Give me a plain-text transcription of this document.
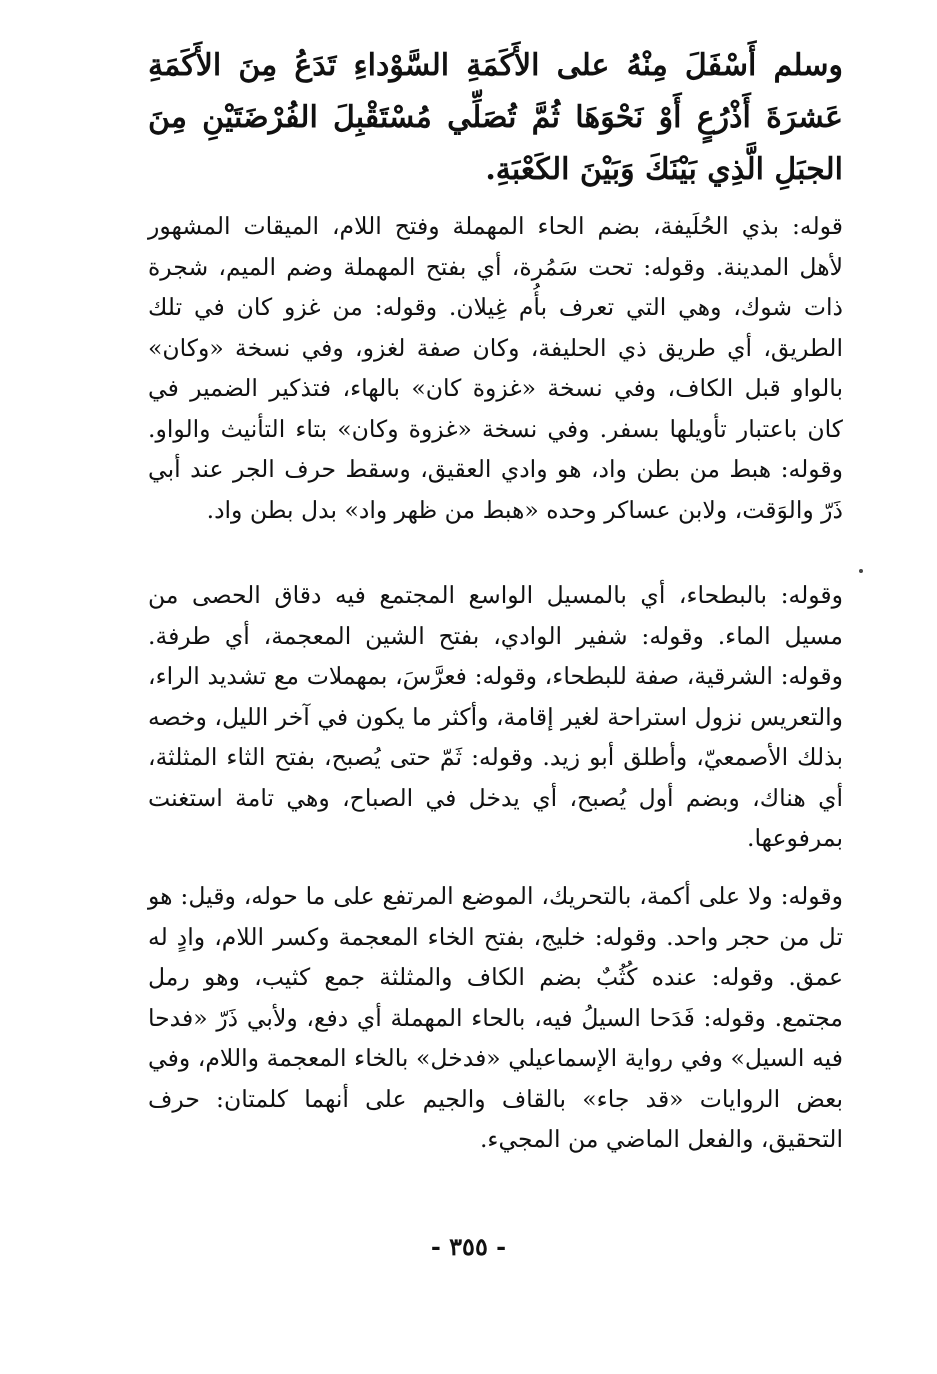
وسلم أَسْفَلَ مِنْهُ على الأَكَمَةِ السَّوْداءِ تَدَعُ مِنَ الأَكَمَةِ عَشرَةَ أَذْرُعٍ أَوْ نَحْوَهَا ثُمَّ تُصَلِّي مُسْتَقْبِلَ الفُرْضَتَيْنِ مِنَ الجبَلِ الَّذِي بَيْنَكَ وَبَيْنَ الكَعْبَةِ.

قوله: بذي الحُلَيفة، بضم الحاء المهملة وفتح اللام، الميقات المشهور لأهل المدينة. وقوله: تحت سَمُرة، أي بفتح المهملة وضم الميم، شجرة ذات شوك، وهي التي تعرف بأُم غِيلان. وقوله: من غزو كان في تلك الطريق، أي طريق ذي الحليفة، وكان صفة لغزو، وفي نسخة «وكان» بالواو قبل الكاف، وفي نسخة «غزوة كان» بالهاء، فتذكير الضمير في كان باعتبار تأويلها بسفر. وفي نسخة «غزوة وكان» بتاء التأنيث والواو. وقوله: هبط من بطن واد، هو وادي العقيق، وسقط حرف الجر عند أبي ذَرّ والوَقت، ولابن عساكر وحده «هبط من ظهر واد» بدل بطن واد.

وقوله: بالبطحاء، أي بالمسيل الواسع المجتمع فيه دقاق الحصى من مسيل الماء. وقوله: شفير الوادي، بفتح الشين المعجمة، أي طرفة. وقوله: الشرقية، صفة للبطحاء، وقوله: فعرَّسَ، بمهملات مع تشديد الراء، والتعريس نزول استراحة لغير إقامة، وأكثر ما يكون في آخر الليل، وخصه بذلك الأصمعيّ، وأطلق أبو زيد. وقوله: ثَمّ حتى يُصبح، بفتح الثاء المثلثة، أي هناك، وبضم أول يُصبح، أي يدخل في الصباح، وهي تامة استغنت بمرفوعها.

وقوله: ولا على أكمة، بالتحريك، الموضع المرتفع على ما حوله، وقيل: هو تل من حجر واحد. وقوله: خليج، بفتح الخاء المعجمة وكسر اللام، وادٍ له عمق. وقوله: عنده كُثُبٌ بضم الكاف والمثلثة جمع كثيب، وهو رمل مجتمع. وقوله: فَدَحا السيلُ فيه، بالحاء المهملة أي دفع، ولأبي ذَرّ «فدحا فيه السيل» وفي رواية الإسماعيلي «فدخل» بالخاء المعجمة واللام، وفي بعض الروايات «قد جاء» بالقاف والجيم على أنهما كلمتان: حرف التحقيق، والفعل الماضي من المجيء.

- ٣٥٥ -
